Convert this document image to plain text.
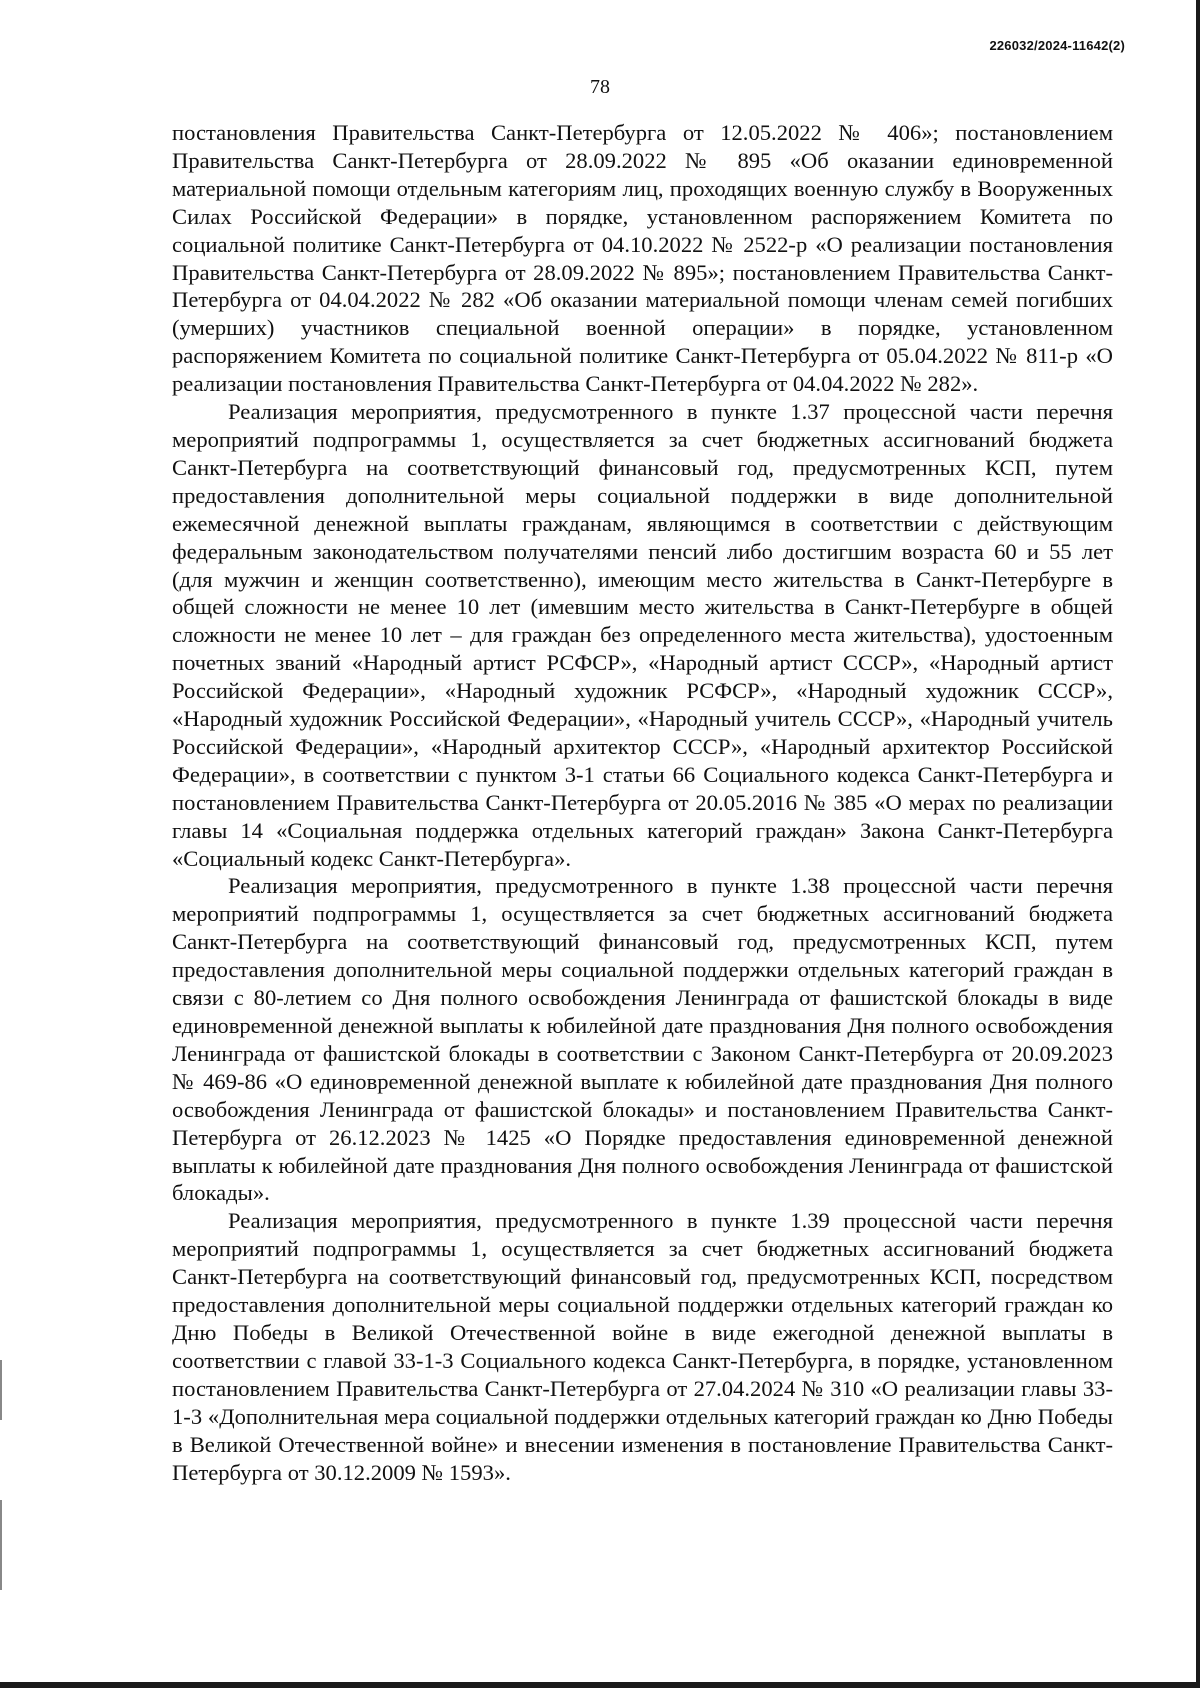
226032/2024-11642(2)
78

постановления Правительства Санкт-Петербурга от 12.05.2022 № 406»; постановлением Правительства Санкт-Петербурга от 28.09.2022 № 895 «Об оказании единовременной материальной помощи отдельным категориям лиц, проходящих военную службу в Вооруженных Силах Российской Федерации» в порядке, установленном распоряжением Комитета по социальной политике Санкт-Петербурга от 04.10.2022 № 2522-р «О реализации постановления Правительства Санкт-Петербурга от 28.09.2022 № 895»; постановлением Правительства Санкт-Петербурга от 04.04.2022 № 282 «Об оказании материальной помощи членам семей погибших (умерших) участников специальной военной операции» в порядке, установленном распоряжением Комитета по социальной политике Санкт-Петербурга от 05.04.2022 № 811-р «О реализации постановления Правительства Санкт-Петербурга от 04.04.2022 № 282».

Реализация мероприятия, предусмотренного в пункте 1.37 процессной части перечня мероприятий подпрограммы 1, осуществляется за счет бюджетных ассигнований бюджета Санкт-Петербурга на соответствующий финансовый год, предусмотренных КСП, путем предоставления дополнительной меры социальной поддержки в виде дополнительной ежемесячной денежной выплаты гражданам, являющимся в соответствии с действующим федеральным законодательством получателями пенсий либо достигшим возраста 60 и 55 лет (для мужчин и женщин соответственно), имеющим место жительства в Санкт-Петербурге в общей сложности не менее 10 лет (имевшим место жительства в Санкт-Петербурге в общей сложности не менее 10 лет – для граждан без определенного места жительства), удостоенным почетных званий «Народный артист РСФСР», «Народный артист СССР», «Народный артист Российской Федерации», «Народный художник РСФСР», «Народный художник СССР», «Народный художник Российской Федерации», «Народный учитель СССР», «Народный учитель Российской Федерации», «Народный архитектор СССР», «Народный архитектор Российской Федерации», в соответствии с пунктом 3-1 статьи 66 Социального кодекса Санкт-Петербурга и постановлением Правительства Санкт-Петербурга от 20.05.2016 № 385 «О мерах по реализации главы 14 «Социальная поддержка отдельных категорий граждан» Закона Санкт-Петербурга «Социальный кодекс Санкт-Петербурга».

Реализация мероприятия, предусмотренного в пункте 1.38 процессной части перечня мероприятий подпрограммы 1, осуществляется за счет бюджетных ассигнований бюджета Санкт-Петербурга на соответствующий финансовый год, предусмотренных КСП, путем предоставления дополнительной меры социальной поддержки отдельных категорий граждан в связи с 80-летием со Дня полного освобождения Ленинграда от фашистской блокады в виде единовременной денежной выплаты к юбилейной дате празднования Дня полного освобождения Ленинграда от фашистской блокады в соответствии с Законом Санкт-Петербурга от 20.09.2023 № 469-86 «О единовременной денежной выплате к юбилейной дате празднования Дня полного освобождения Ленинграда от фашистской блокады» и постановлением Правительства Санкт-Петербурга от 26.12.2023 № 1425 «О Порядке предоставления единовременной денежной выплаты к юбилейной дате празднования Дня полного освобождения Ленинграда от фашистской блокады».

Реализация мероприятия, предусмотренного в пункте 1.39 процессной части перечня мероприятий подпрограммы 1, осуществляется за счет бюджетных ассигнований бюджета Санкт-Петербурга на соответствующий финансовый год, предусмотренных КСП, посредством предоставления дополнительной меры социальной поддержки отдельных категорий граждан ко Дню Победы в Великой Отечественной войне в виде ежегодной денежной выплаты в соответствии с главой 33-1-3 Социального кодекса Санкт-Петербурга, в порядке, установленном постановлением Правительства Санкт-Петербурга от 27.04.2024 № 310 «О реализации главы 33-1-3 «Дополнительная мера социальной поддержки отдельных категорий граждан ко Дню Победы в Великой Отечественной войне» и внесении изменения в постановление Правительства Санкт-Петербурга от 30.12.2009 № 1593».
